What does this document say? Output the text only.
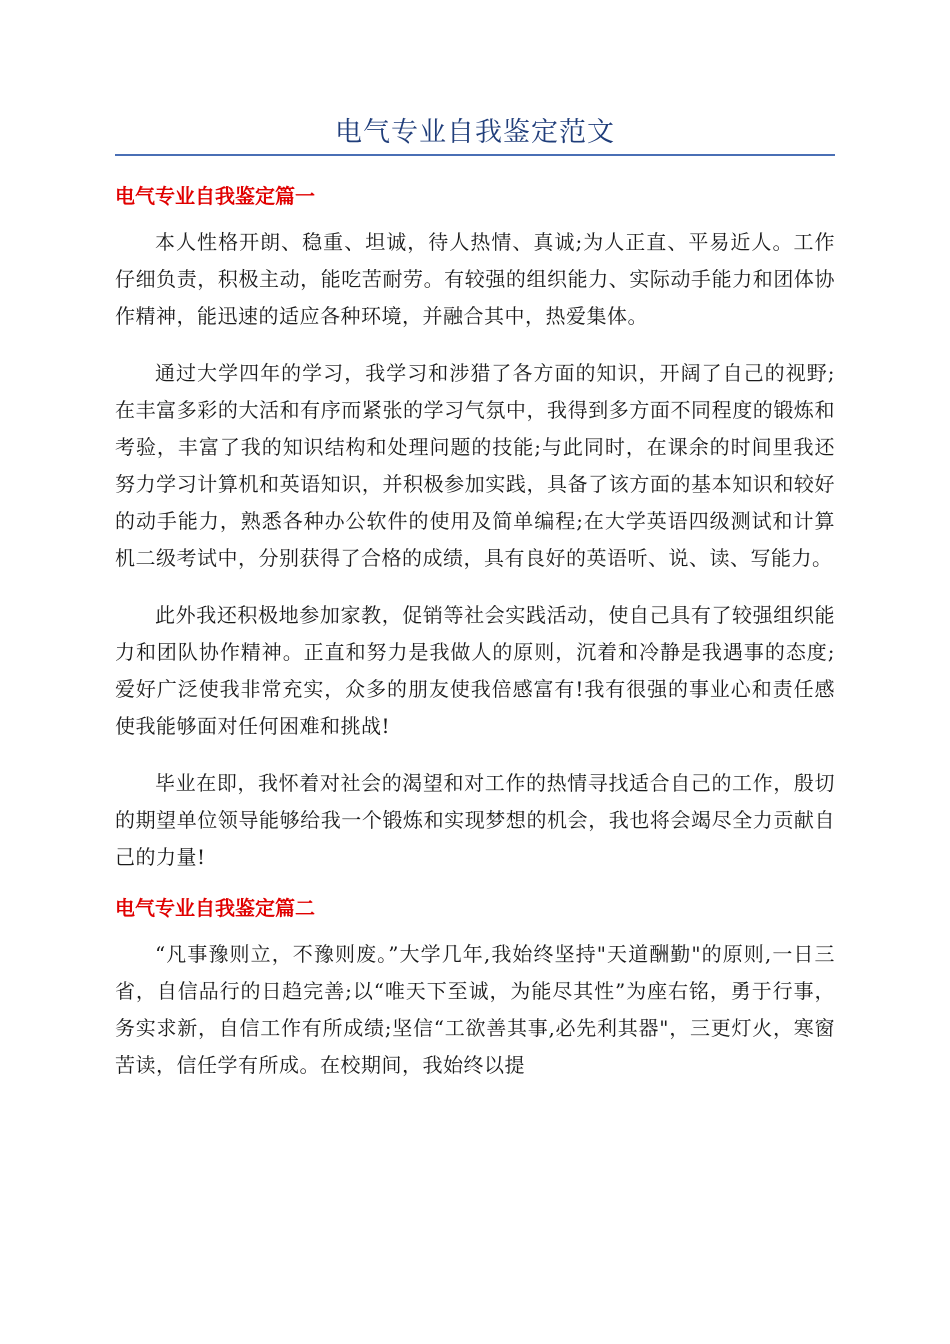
电气专业自我鉴定范文
电气专业自我鉴定篇一

本人性格开朗、稳重、坦诚，待人热情、真诚;为人正直、平易近人。工作仔细负责，积极主动，能吃苦耐劳。有较强的组织能力、实际动手能力和团体协作精神，能迅速的适应各种环境，并融合其中，热爱集体。

通过大学四年的学习，我学习和涉猎了各方面的知识，开阔了自己的视野;在丰富多彩的大活和有序而紧张的学习气氛中，我得到多方面不同程度的锻炼和考验，丰富了我的知识结构和处理问题的技能;与此同时，在课余的时间里我还努力学习计算机和英语知识，并积极参加实践，具备了该方面的基本知识和较好的动手能力，熟悉各种办公软件的使用及简单编程;在大学英语四级测试和计算机二级考试中，分别获得了合格的成绩，具有良好的英语听、说、读、写能力。

此外我还积极地参加家教，促销等社会实践活动，使自己具有了较强组织能力和团队协作精神。正直和努力是我做人的原则，沉着和冷静是我遇事的态度;爱好广泛使我非常充实，众多的朋友使我倍感富有!我有很强的事业心和责任感使我能够面对任何困难和挑战!

毕业在即，我怀着对社会的渴望和对工作的热情寻找适合自己的工作，殷切的期望单位领导能够给我一个锻炼和实现梦想的机会，我也将会竭尽全力贡献自己的力量!

电气专业自我鉴定篇二

“凡事豫则立，不豫则废。”大学几年,我始终坚持"天道酬勤"的原则,一日三省，自信品行的日趋完善;以“唯天下至诚，为能尽其性”为座右铭，勇于行事，务实求新，自信工作有所成绩;坚信“工欲善其事,必先利其器"，三更灯火，寒窗苦读，信任学有所成。在校期间，我始终以提
